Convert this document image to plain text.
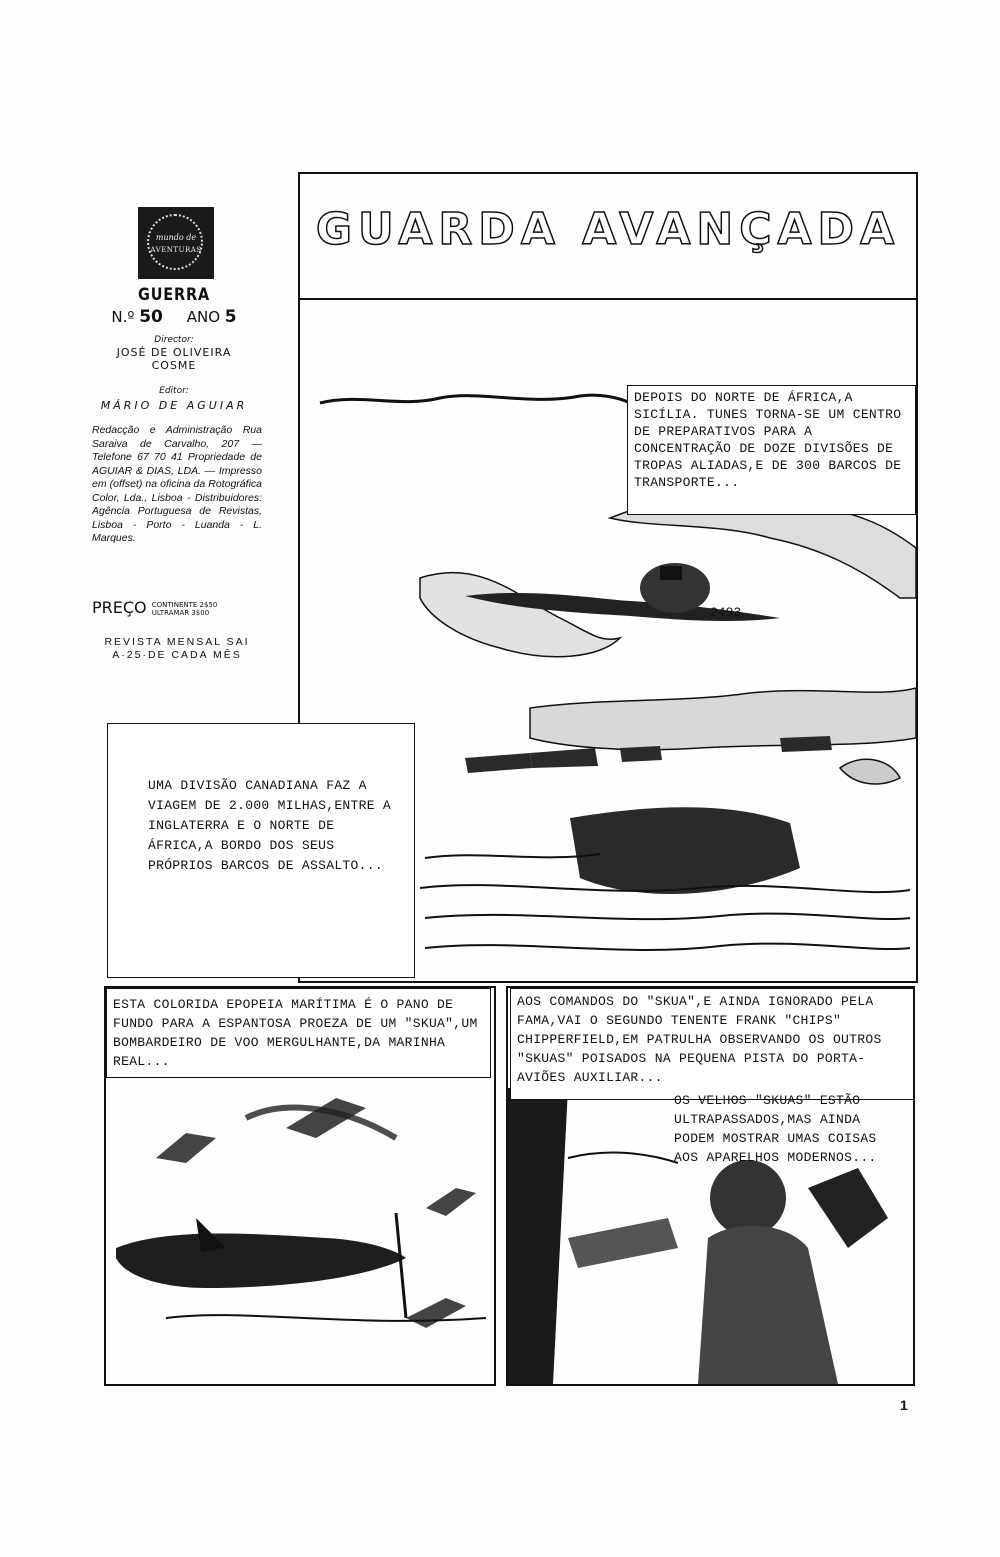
mundo de
AVENTURAS
GUERRA
N.º 50 ANO 5
Director:
JOSÉ DE OLIVEIRA COSME
Editor:
MÁRIO DE AGUIAR
Redacção e Administração Rua Saraiva de Carvalho, 207 — Telefone 67 70 41 Propriedade de AGUIAR & DIAS, LDA. — Impresso em (offset) na oficina da Rotográfica Color, Lda., Lisboa - Distribuidores: Agência Portuguesa de Revistas, Lisboa - Porto - Luanda - L. Marques.
PREÇO CONTINENTE 2$50
ULTRAMAR 3$00
REVISTA MENSAL SAI A·25·DE CADA MÊS
GUARDA AVANÇADA
2493
DEPOIS DO NORTE DE ÁFRICA,A SICÍLIA. TUNES TORNA-SE UM CENTRO DE PREPARATIVOS PARA A CONCENTRAÇÃO DE DOZE DIVISÕES DE TROPAS ALIADAS,E DE 300 BARCOS DE TRANSPORTE...
UMA DIVISÃO CANADIANA FAZ A VIAGEM DE 2.000 MILHAS,ENTRE A INGLATERRA E O NORTE DE ÁFRICA,A BORDO DOS SEUS PRÓPRIOS BARCOS DE ASSALTO...
ESTA COLORIDA EPOPEIA MARÍTIMA É O PANO DE FUNDO PARA A ESPANTOSA PROEZA DE UM "SKUA",UM BOMBARDEIRO DE VOO MERGULHANTE,DA MARINHA REAL...
AOS COMANDOS DO "SKUA",E AINDA IGNORADO PELA FAMA,VAI O SEGUNDO TENENTE FRANK "CHIPS" CHIPPERFIELD,EM PATRULHA OBSERVANDO OS OUTROS "SKUAS" POISADOS NA PEQUENA PISTA DO PORTA-AVIÕES AUXILIAR...
OS VELHOS "SKUAS" ESTÃO ULTRAPASSADOS,MAS AINDA PODEM MOSTRAR UMAS COISAS AOS APARELHOS MODERNOS...
1
